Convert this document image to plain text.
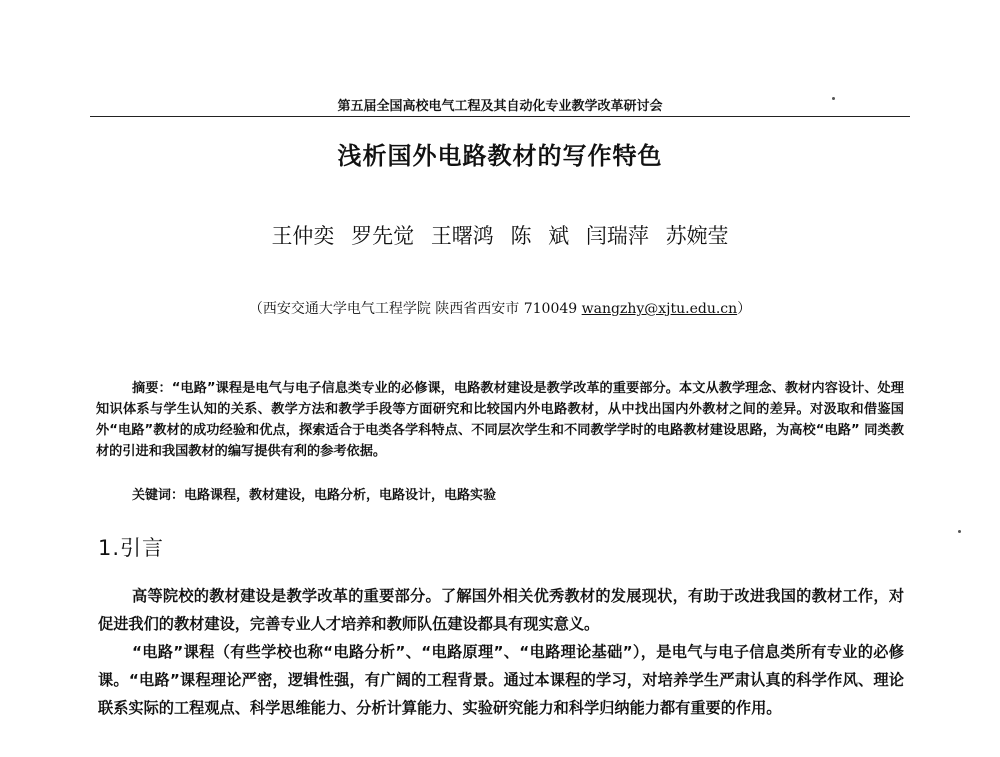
第五届全国高校电气工程及其自动化专业教学改革研讨会
浅析国外电路教材的写作特色
王仲奕 罗先觉 王曙鸿 陈 斌 闫瑞萍 苏婉莹
（西安交通大学电气工程学院 陕西省西安市 710049 wangzhy@xjtu.edu.cn）
摘要：“电路”课程是电气与电子信息类专业的必修课，电路教材建设是教学改革的重要部分。本文从教学理念、教材内容设计、处理知识体系与学生认知的关系、教学方法和教学手段等方面研究和比较国内外电路教材，从中找出国内外教材之间的差异。对汲取和借鉴国外“电路”教材的成功经验和优点，探索适合于电类各学科特点、不同层次学生和不同教学学时的电路教材建设思路，为高校“电路” 同类教材的引进和我国教材的编写提供有利的参考依据。
关键词：电路课程，教材建设，电路分析，电路设计，电路实验
1.引言

高等院校的教材建设是教学改革的重要部分。了解国外相关优秀教材的发展现状，有助于改进我国的教材工作，对促进我们的教材建设，完善专业人才培养和教师队伍建设都具有现实意义。

“电路”课程（有些学校也称“电路分析”、“电路原理”、“电路理论基础”），是电气与电子信息类所有专业的必修课。“电路”课程理论严密，逻辑性强，有广阔的工程背景。通过本课程的学习，对培养学生严肃认真的科学作风、理论联系实际的工程观点、科学思维能力、分析计算能力、实验研究能力和科学归纳能力都有重要的作用。
